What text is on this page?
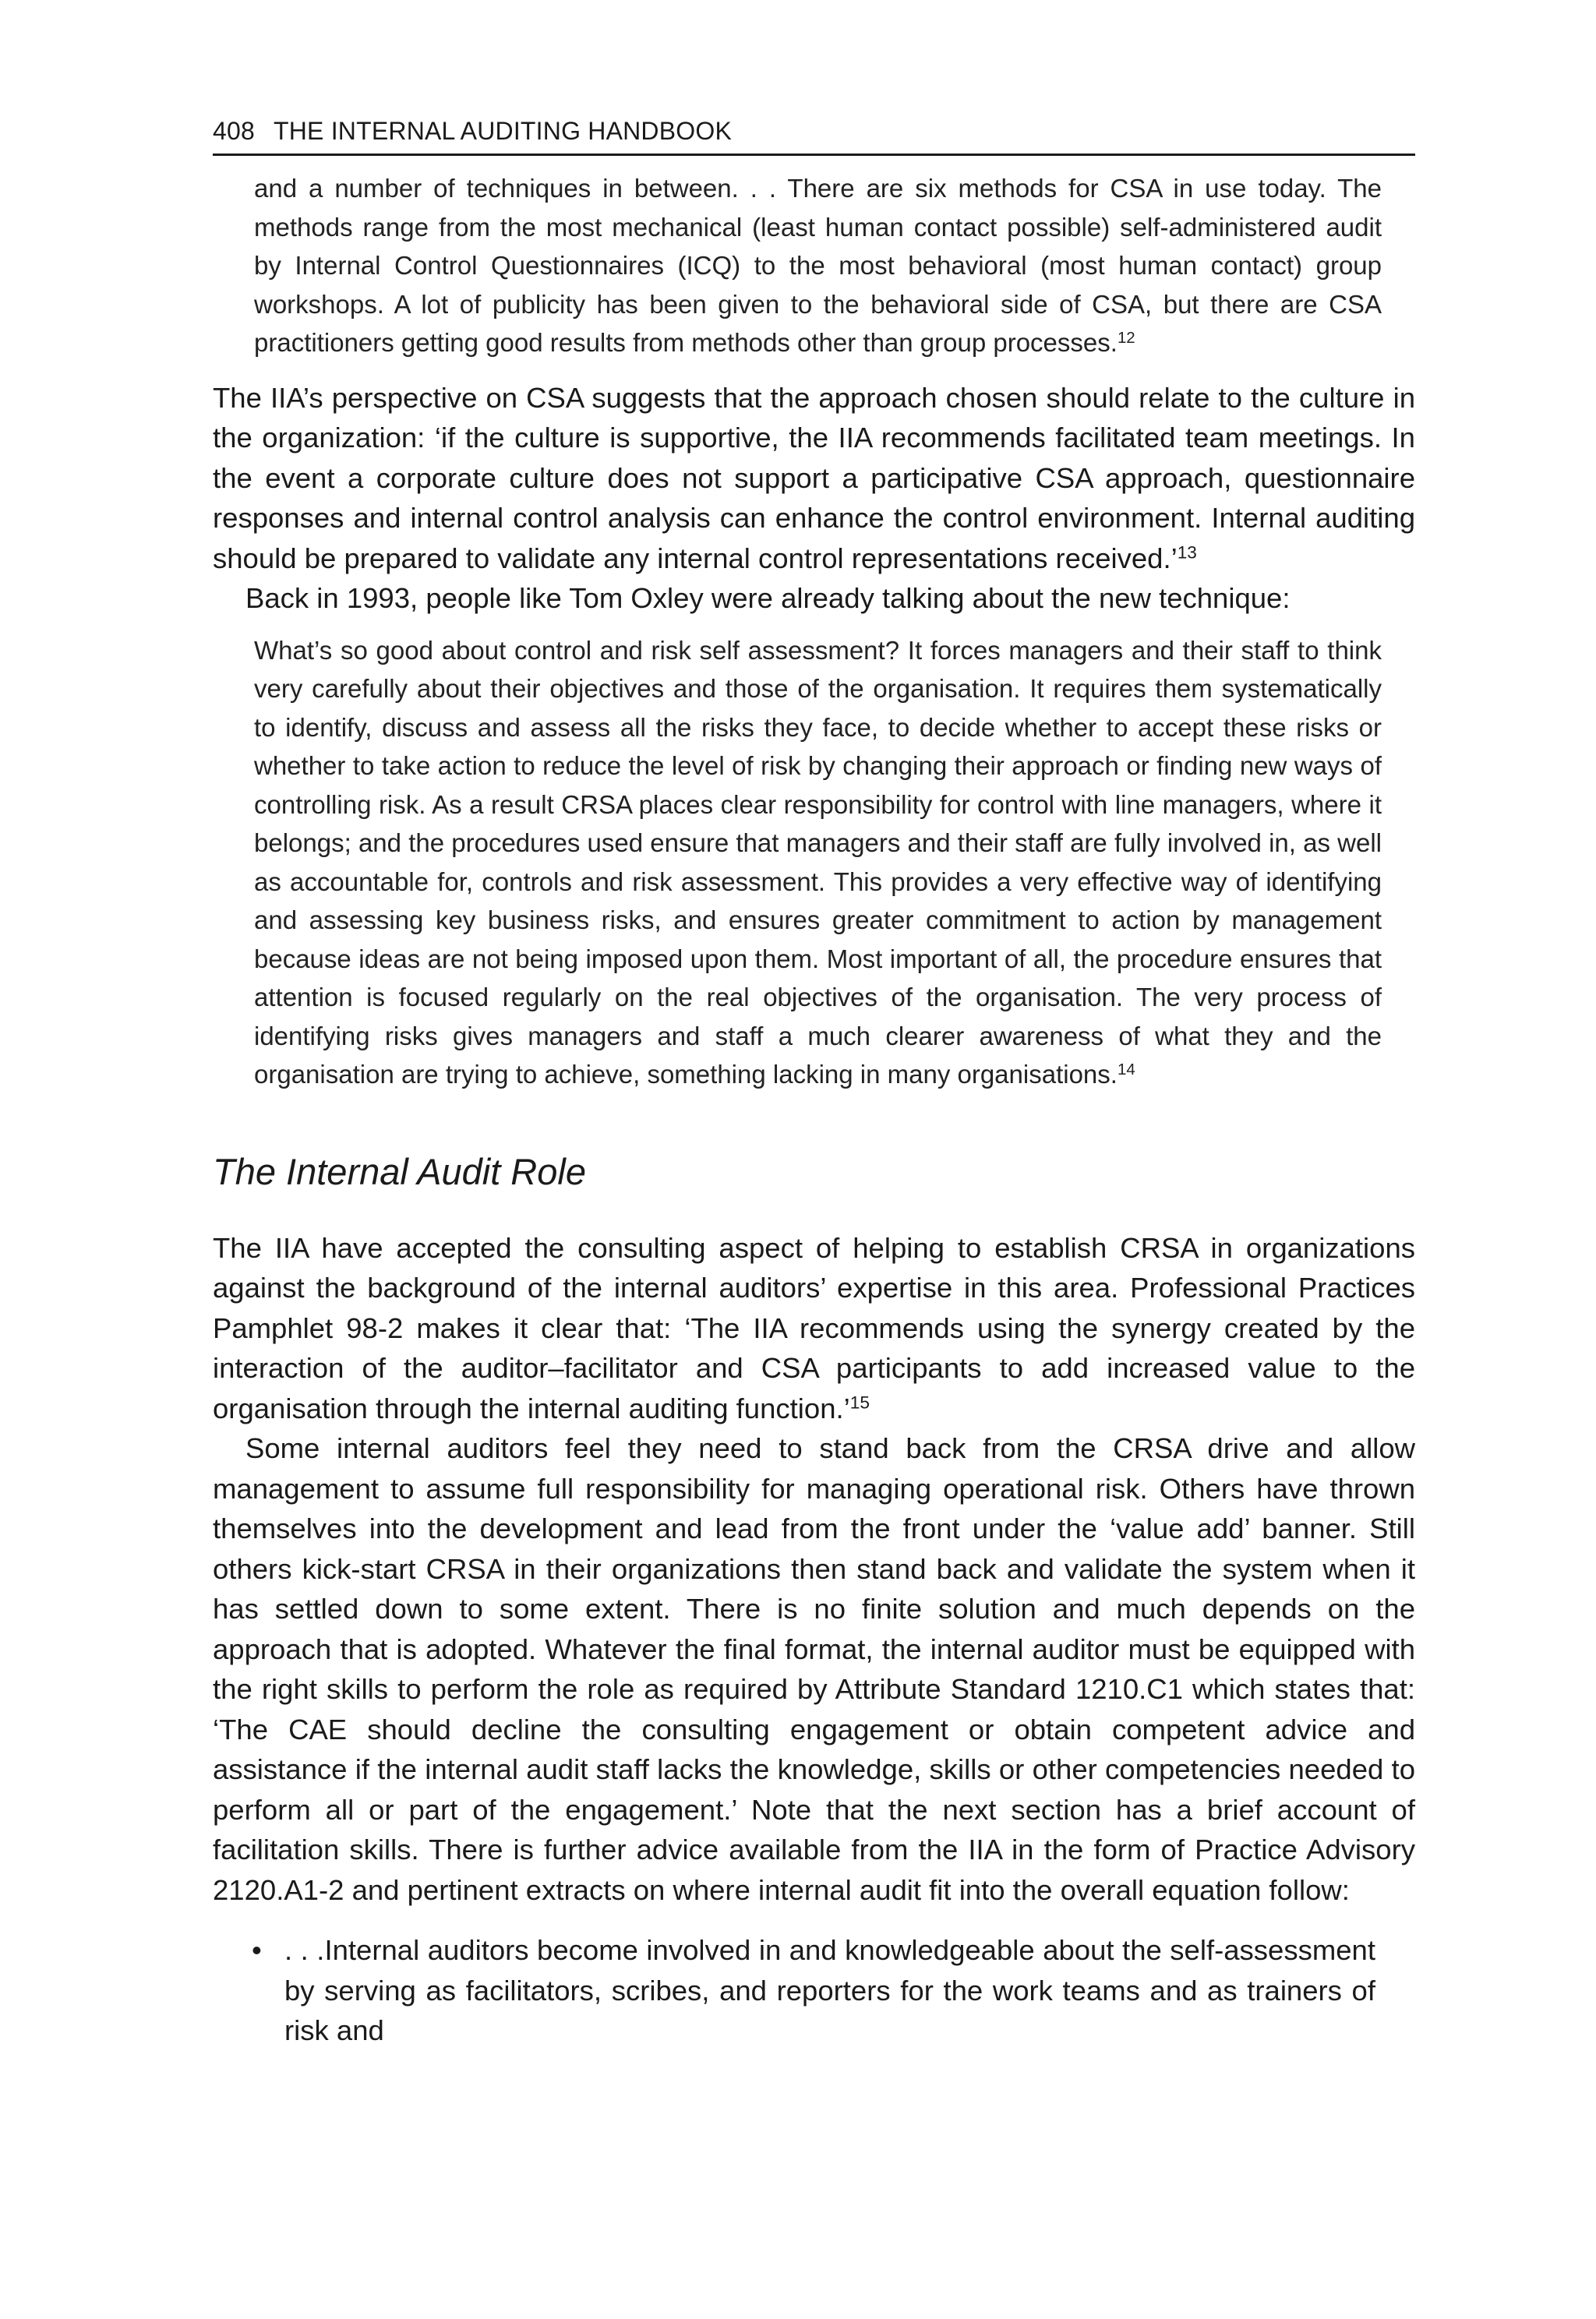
408 THE INTERNAL AUDITING HANDBOOK

and a number of techniques in between. . . There are six methods for CSA in use today. The methods range from the most mechanical (least human contact possible) self-administered audit by Internal Control Questionnaires (ICQ) to the most behavioral (most human contact) group workshops. A lot of publicity has been given to the behavioral side of CSA, but there are CSA practitioners getting good results from methods other than group processes.$^{12}$

The IIA’s perspective on CSA suggests that the approach chosen should relate to the culture in the organization: ‘if the culture is supportive, the IIA recommends facilitated team meetings. In the event a corporate culture does not support a participative CSA approach, questionnaire responses and internal control analysis can enhance the control environment. Internal auditing should be prepared to validate any internal control representations received.’$^{13}$

Back in 1993, people like Tom Oxley were already talking about the new technique:

What’s so good about control and risk self assessment? It forces managers and their staff to think very carefully about their objectives and those of the organisation. It requires them systematically to identify, discuss and assess all the risks they face, to decide whether to accept these risks or whether to take action to reduce the level of risk by changing their approach or finding new ways of controlling risk. As a result CRSA places clear responsibility for control with line managers, where it belongs; and the procedures used ensure that managers and their staff are fully involved in, as well as accountable for, controls and risk assessment. This provides a very effective way of identifying and assessing key business risks, and ensures greater commitment to action by management because ideas are not being imposed upon them. Most important of all, the procedure ensures that attention is focused regularly on the real objectives of the organisation. The very process of identifying risks gives managers and staff a much clearer awareness of what they and the organisation are trying to achieve, something lacking in many organisations.$^{14}$

The Internal Audit Role

The IIA have accepted the consulting aspect of helping to establish CRSA in organizations against the background of the internal auditors’ expertise in this area. Professional Practices Pamphlet 98-2 makes it clear that: ‘The IIA recommends using the synergy created by the interaction of the auditor–facilitator and CSA participants to add increased value to the organisation through the internal auditing function.’$^{15}$

Some internal auditors feel they need to stand back from the CRSA drive and allow management to assume full responsibility for managing operational risk. Others have thrown themselves into the development and lead from the front under the ‘value add’ banner. Still others kick-start CRSA in their organizations then stand back and validate the system when it has settled down to some extent. There is no finite solution and much depends on the approach that is adopted. Whatever the final format, the internal auditor must be equipped with the right skills to perform the role as required by Attribute Standard 1210.C1 which states that: ‘The CAE should decline the consulting engagement or obtain competent advice and assistance if the internal audit staff lacks the knowledge, skills or other competencies needed to perform all or part of the engagement.’ Note that the next section has a brief account of facilitation skills. There is further advice available from the IIA in the form of Practice Advisory 2120.A1-2 and pertinent extracts on where internal audit fit into the overall equation follow:

• . . .Internal auditors become involved in and knowledgeable about the self-assessment by serving as facilitators, scribes, and reporters for the work teams and as trainers of risk and
